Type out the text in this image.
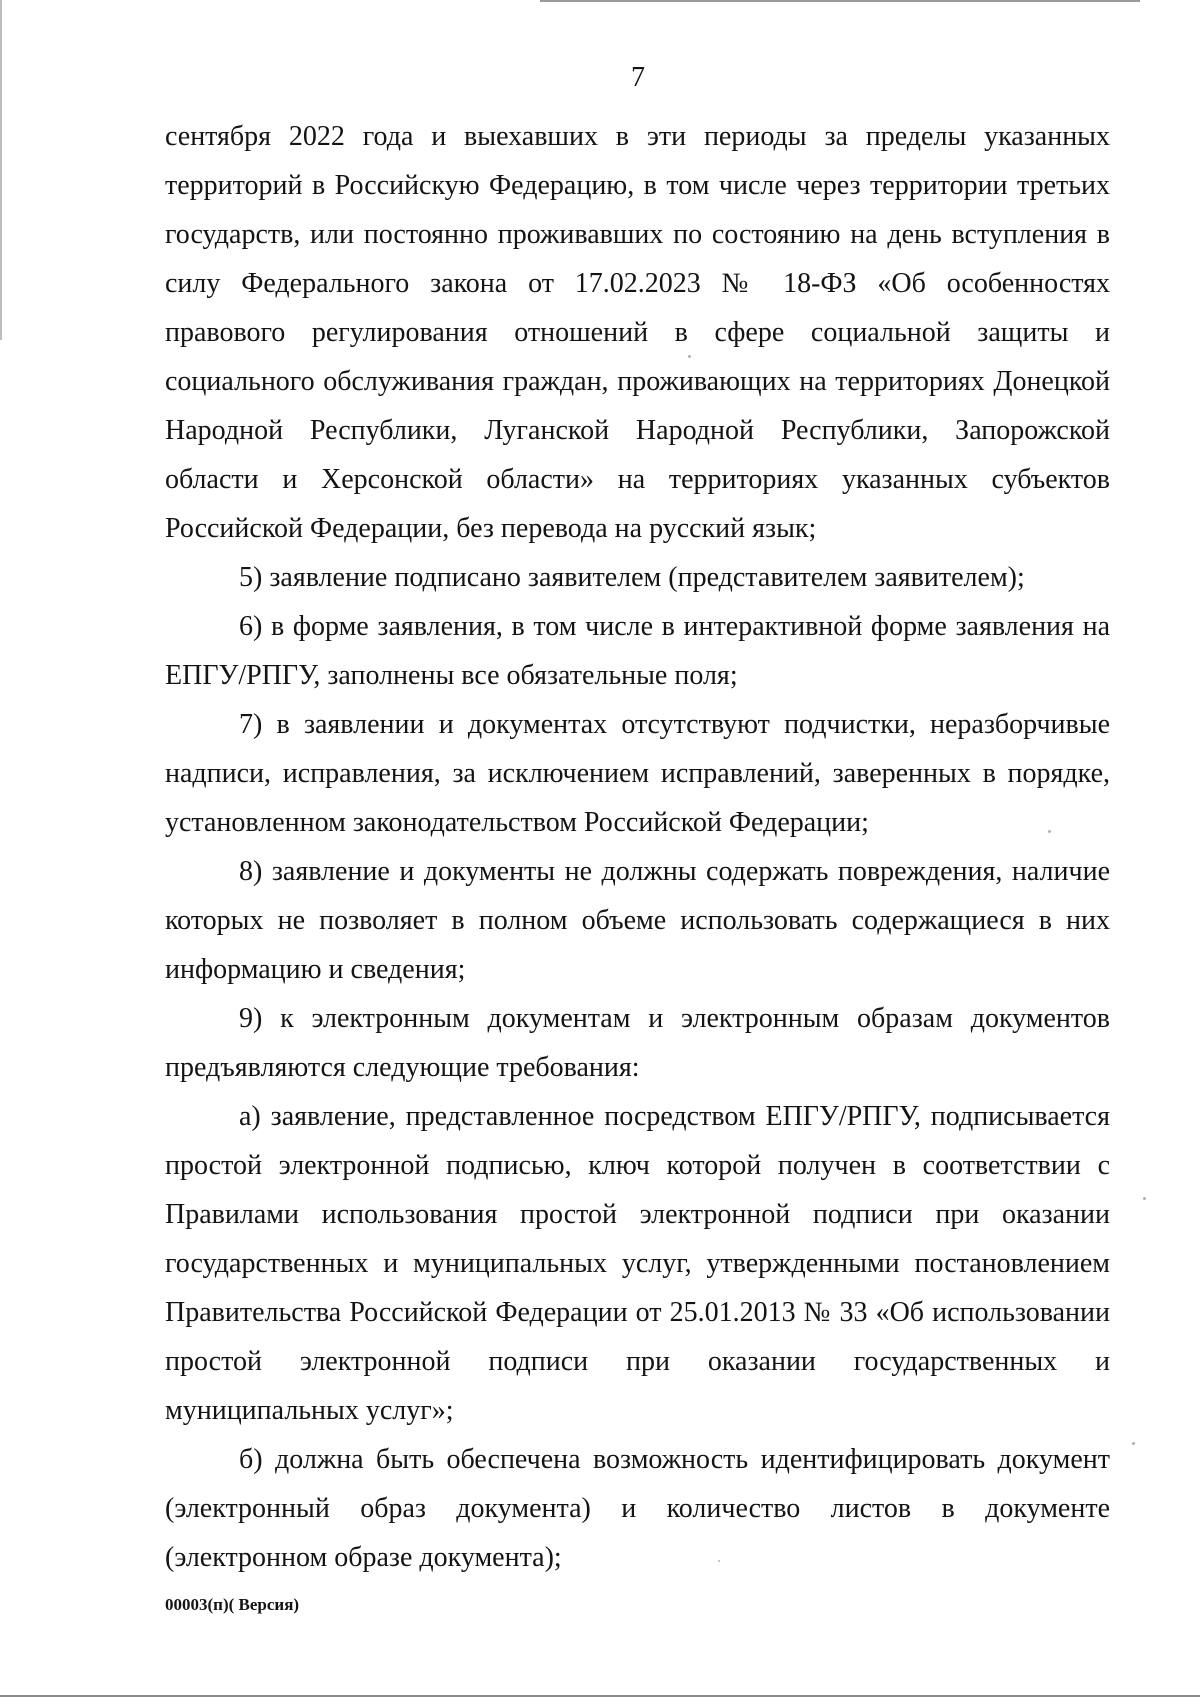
7

сентября 2022 года и выехавших в эти периоды за пределы указанных территорий в Российскую Федерацию, в том числе через территории третьих государств, или постоянно проживавших по состоянию на день вступления в силу Федерального закона от 17.02.2023 № 18-ФЗ «Об особенностях правового регулирования отношений в сфере социальной защиты и социального обслуживания граждан, проживающих на территориях Донецкой Народной Республики, Луганской Народной Республики, Запорожской области и Херсонской области» на территориях указанных субъектов Российской Федерации, без перевода на русский язык;

5) заявление подписано заявителем (представителем заявителем);

6) в форме заявления, в том числе в интерактивной форме заявления на ЕПГУ/РПГУ, заполнены все обязательные поля;

7) в заявлении и документах отсутствуют подчистки, неразборчивые надписи, исправления, за исключением исправлений, заверенных в порядке, установленном законодательством Российской Федерации;

8) заявление и документы не должны содержать повреждения, наличие которых не позволяет в полном объеме использовать содержащиеся в них информацию и сведения;

9) к электронным документам и электронным образам документов предъявляются следующие требования:

а) заявление, представленное посредством ЕПГУ/РПГУ, подписывается простой электронной подписью, ключ которой получен в соответствии с Правилами использования простой электронной подписи при оказании государственных и муниципальных услуг, утвержденными постановлением Правительства Российской Федерации от 25.01.2013 № 33 «Об использовании простой электронной подписи при оказании государственных и

муниципальных услуг»;

б) должна быть обеспечена возможность идентифицировать документ (электронный образ документа) и количество листов в документе (электронном образе документа);

00003(п)( Версия)
